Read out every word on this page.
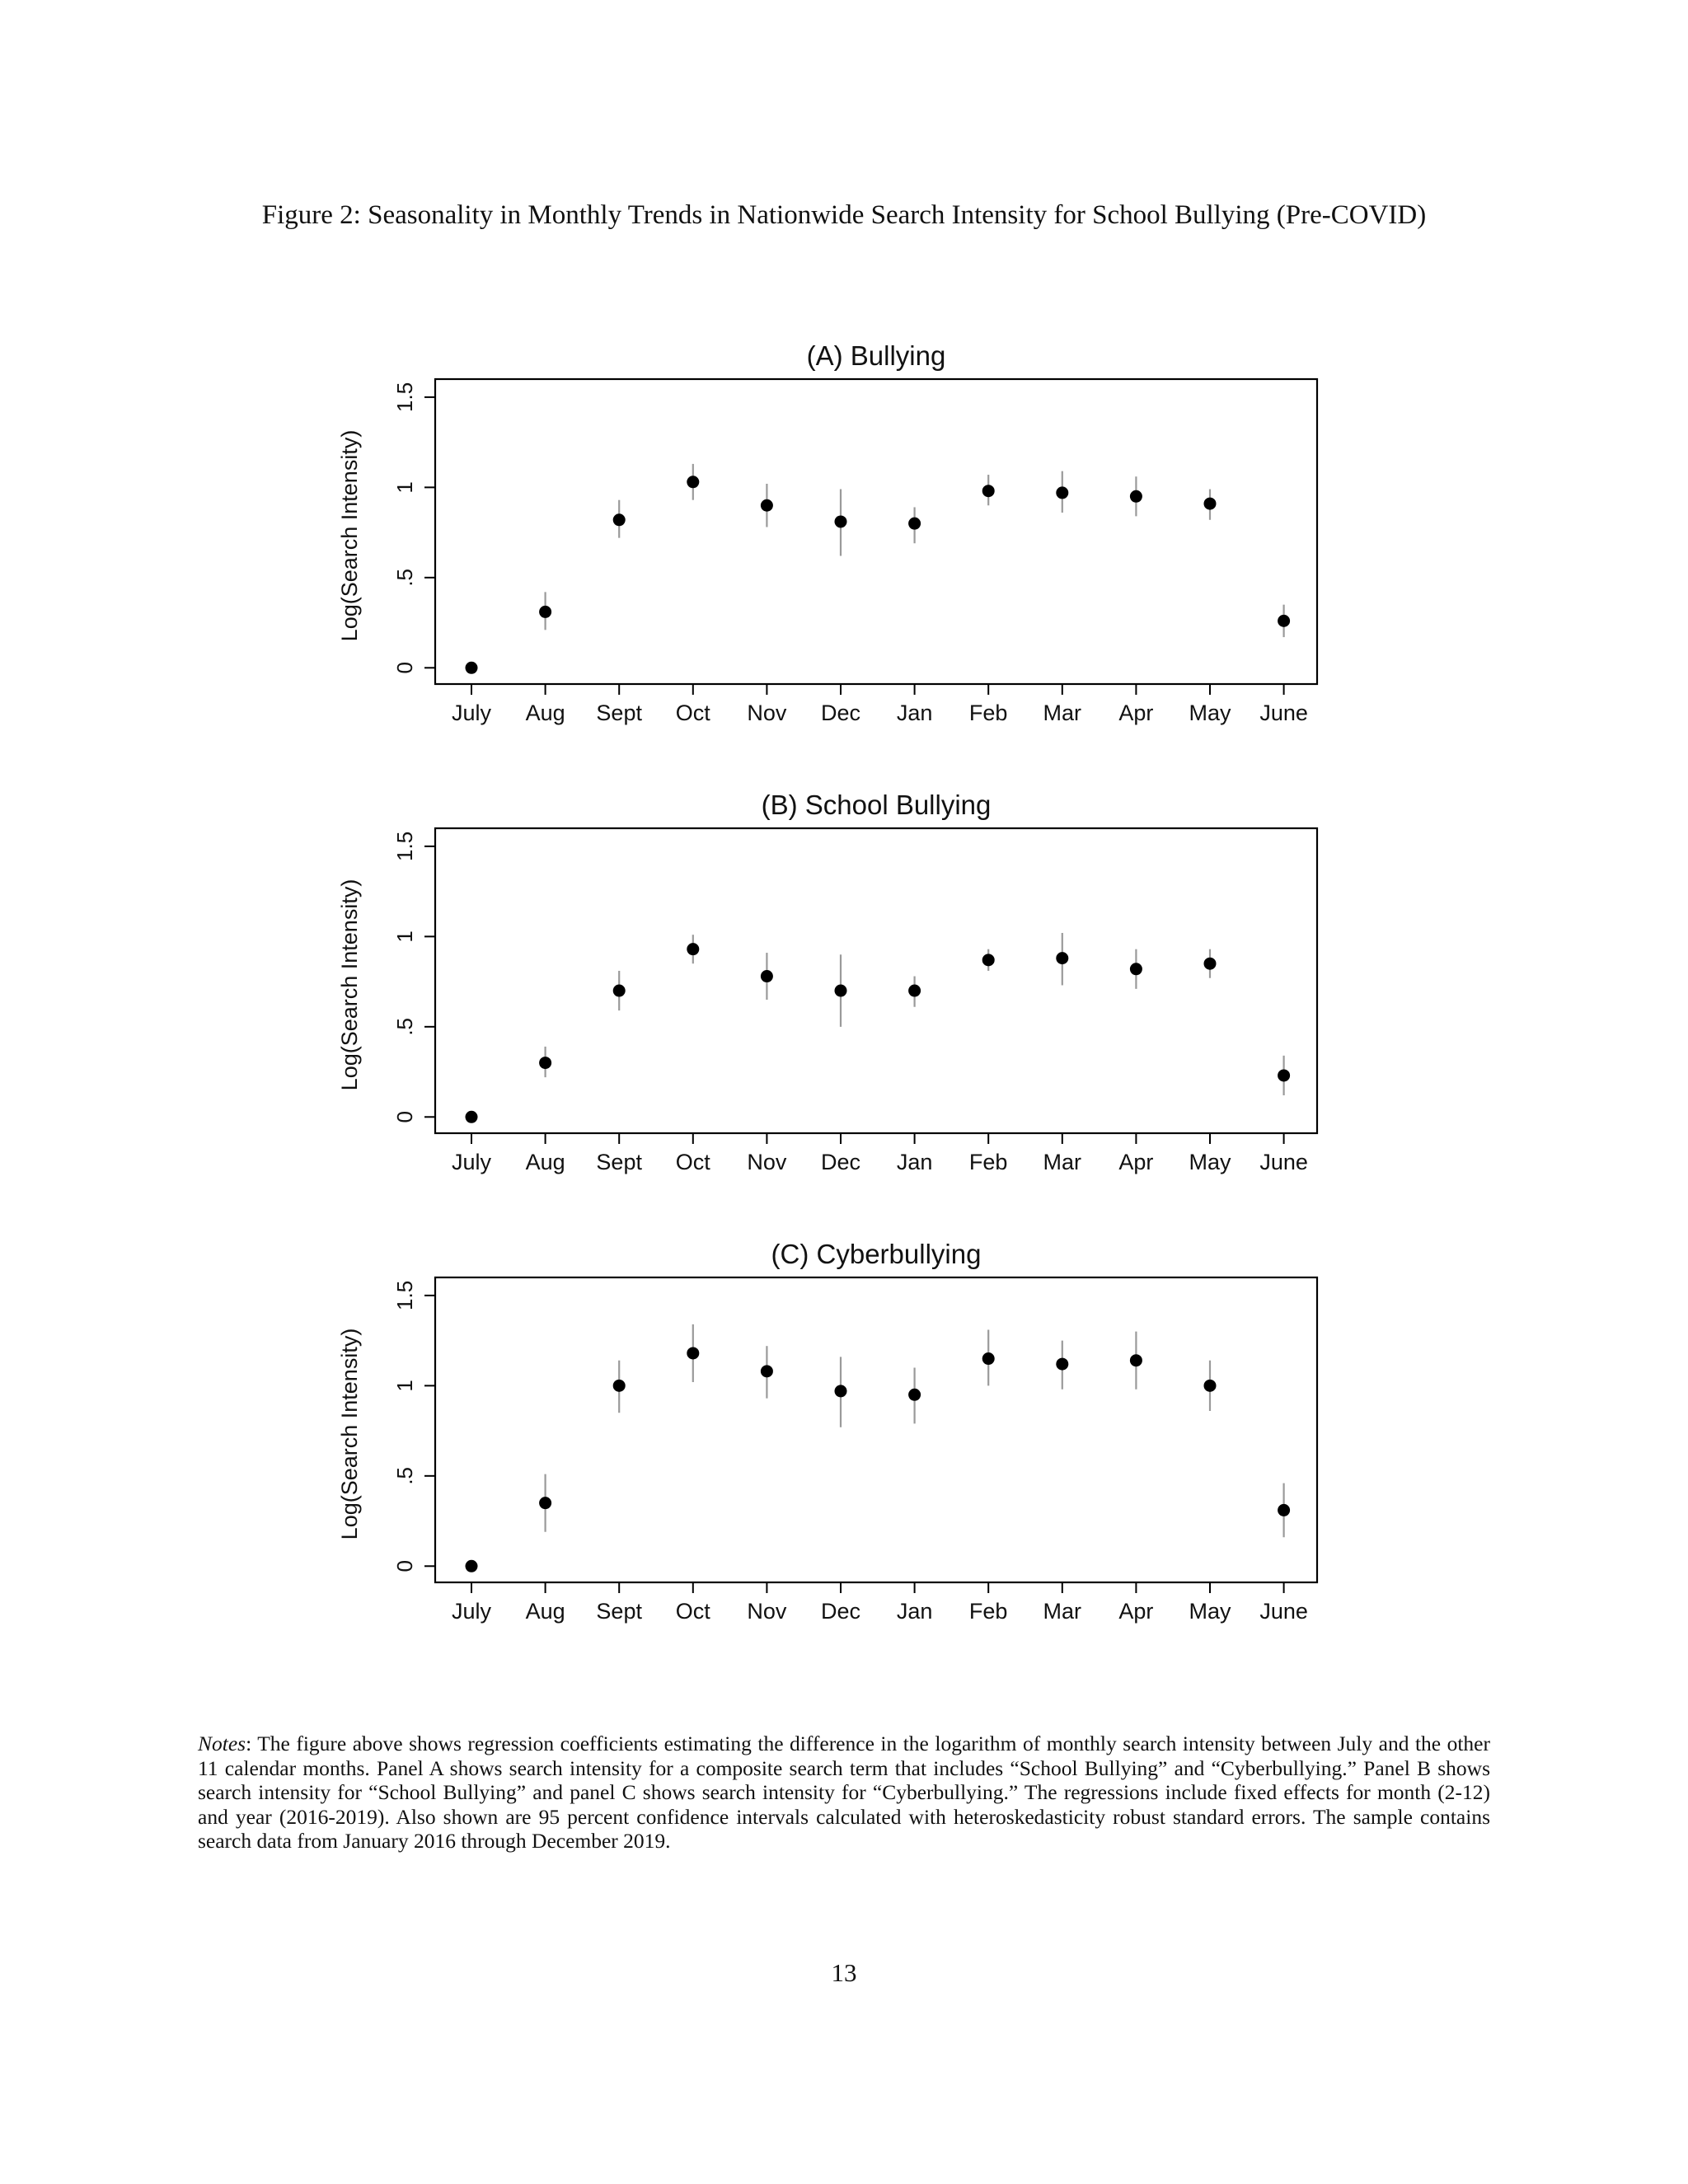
Figure 2: Seasonality in Monthly Trends in Nationwide Search Intensity for School Bullying (Pre-COVID)
(A) Bullying
0
.5
1
1.5
Log(Search Intensity)
July Aug Sept Oct Nov Dec Jan Feb Mar Apr May June
(B) School Bullying
0
.5
1
1.5
Log(Search Intensity)
July Aug Sept Oct Nov Dec Jan Feb Mar Apr May June
(C) Cyberbullying
0
.5
1
1.5
Log(Search Intensity)
July Aug Sept Oct Nov Dec Jan Feb Mar Apr May June

Notes: The figure above shows regression coefficients estimating the difference in the logarithm of monthly search intensity between July and the other 11 calendar months. Panel A shows search intensity for a composite search term that includes “School Bullying” and “Cyberbullying.” Panel B shows search intensity for “School Bullying” and panel C shows search intensity for “Cyberbullying.” The regressions include fixed effects for month (2-12) and year (2016-2019). Also shown are 95 percent confidence intervals calculated with heteroskedasticity robust standard errors. The sample contains search data from January 2016 through December 2019.

13
